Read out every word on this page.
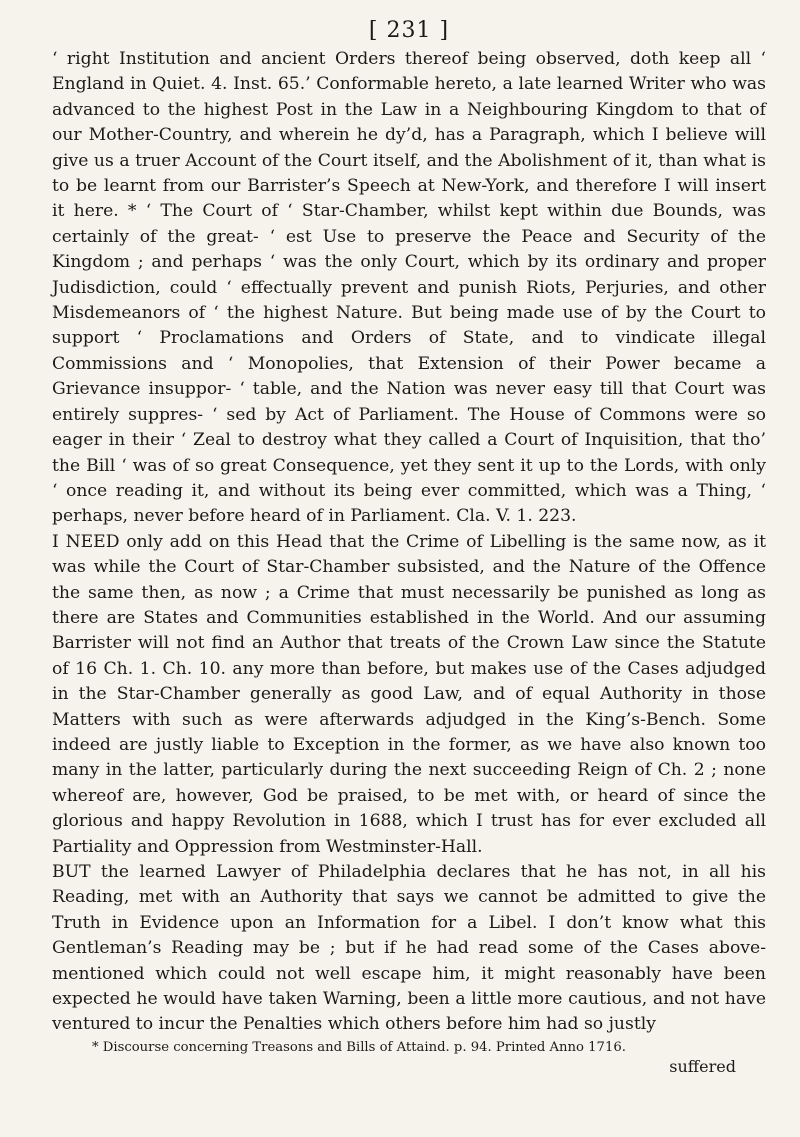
[ 231 ]

‘ right Institution and ancient Orders thereof being observed, doth keep all ‘ England in Quiet. 4. Inst. 65.’ Conformable hereto, a late learned Writer who was advanced to the highest Post in the Law in a Neighbouring Kingdom to that of our Mother-Country, and wherein he dy’d, has a Paragraph, which I believe will give us a truer Account of the Court itself, and the Abolishment of it, than what is to be learnt from our Barrister’s Speech at New-York, and therefore I will insert it here. * ‘ The Court of ‘ Star-Chamber, whilst kept within due Bounds, was certainly of the great- ‘ est Use to preserve the Peace and Security of the Kingdom ; and perhaps ‘ was the only Court, which by its ordinary and proper Judisdiction, could ‘ effectually prevent and punish Riots, Perjuries, and other Misdemeanors of ‘ the highest Nature. But being made use of by the Court to support ‘ Proclamations and Orders of State, and to vindicate illegal Commissions and ‘ Monopolies, that Extension of their Power became a Grievance insuppor- ‘ table, and the Nation was never easy till that Court was entirely suppres- ‘ sed by Act of Parliament. The House of Commons were so eager in their ‘ Zeal to destroy what they called a Court of Inquisition, that tho’ the Bill ‘ was of so great Consequence, yet they sent it up to the Lords, with only ‘ once reading it, and without its being ever committed, which was a Thing, ‘ perhaps, never before heard of in Parliament. Cla. V. 1. 223.

I NEED only add on this Head that the Crime of Libelling is the same now, as it was while the Court of Star-Chamber subsisted, and the Nature of the Offence the same then, as now ; a Crime that must necessarily be punished as long as there are States and Communities established in the World. And our assuming Barrister will not find an Author that treats of the Crown Law since the Statute of 16 Ch. 1. Ch. 10. any more than before, but makes use of the Cases adjudged in the Star-Chamber generally as good Law, and of equal Authority in those Matters with such as were afterwards adjudged in the King’s-Bench. Some indeed are justly liable to Exception in the former, as we have also known too many in the latter, particularly during the next succeeding Reign of Ch. 2 ; none whereof are, however, God be praised, to be met with, or heard of since the glorious and happy Revolution in 1688, which I trust has for ever excluded all Partiality and Oppression from Westminster-Hall.

BUT the learned Lawyer of Philadelphia declares that he has not, in all his Reading, met with an Authority that says we cannot be admitted to give the Truth in Evidence upon an Information for a Libel. I don’t know what this Gentleman’s Reading may be ; but if he had read some of the Cases above-mentioned which could not well escape him, it might reasonably have been expected he would have taken Warning, been a little more cautious, and not have ventured to incur the Penalties which others before him had so justly

* Discourse concerning Treasons and Bills of Attaind. p. 94. Printed Anno 1716.

suffered
